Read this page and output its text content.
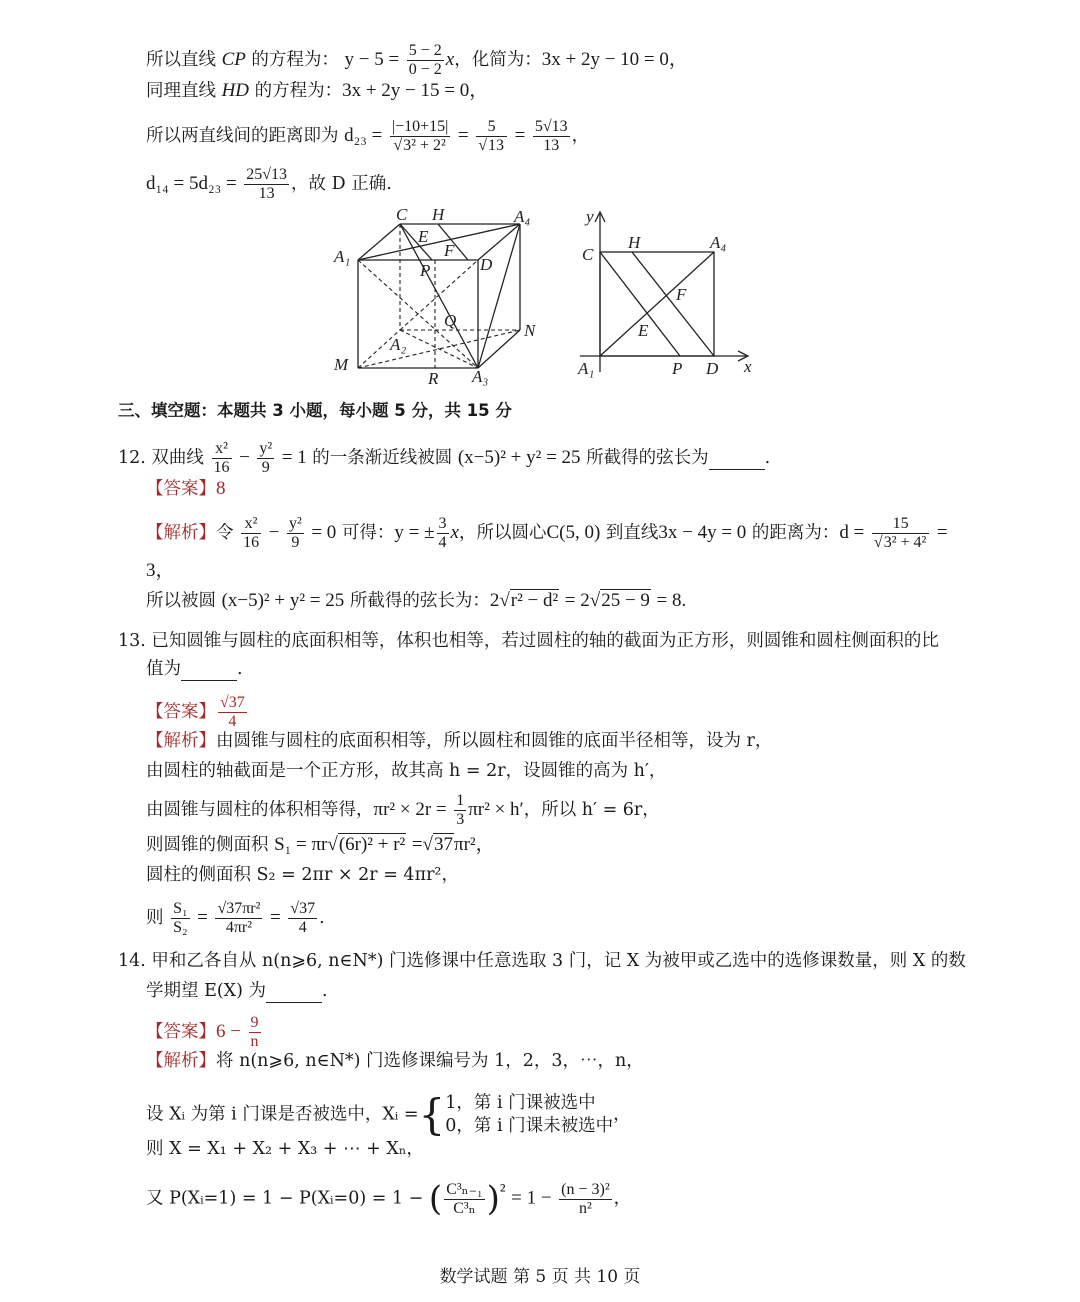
所以直线 CP 的方程为： $y - 5 = \frac{5 - 2}{0 - 2}$ x，化简为：3x + 2y − 10 = 0，
同理直线 HD 的方程为：3x + 2y − 15 = 0，
所以两直线间的距离即为 $d_{23} = \frac{|-10+15|}{\text{√3² + 2²}} = \frac{5}{√13} = \frac{5√13}{13}$ ，
$d_{14} = 5d_{23} = \frac{25√13}{13}$ ，故 D 正确.
C H	A₄
E
A₁	F
P	D
Q
N
A₂
M
R A₃
y
C
H	A₄
F
E
A₁	P D x
三、填空题：本题共 3 小题，每小题 5 分，共 15 分
12. 双曲线 $\frac{\text{x²}}{16} - \frac{\text{y²}}{9} = 1$ 的一条渐近线被圆 (x−5)² + y² = 25 所截得的弦长为	.
【答案】8
【解析】令 $\frac{\text{x²}}{16} - \frac{\text{y²}}{9} = 0$ 可得：y = ± $\frac{3}{4}$ x，所以圆心C(5, 0) 到直线3x − 4y = 0 的距离为：$d = \frac{15}{\text{√3² + 4²}}$ =
3，
所以被圆 (x−5)² + y² = 25 所截得的弦长为：2√r² − d² = 2√25 − 9 = 8.
13. 已知圆锥与圆柱的底面积相等，体积也相等，若过圆柱的轴的截面为正方形，则圆锥和圆柱侧面积的比
值为	.
【答案】 $\frac{√37}{4}$
【解析】由圆锥与圆柱的底面积相等，所以圆柱和圆锥的底面半径相等，设为 r，
由圆柱的轴截面是一个正方形，故其高 h = 2r，设圆锥的高为 h′，
由圆锥与圆柱的体积相等得，$\pi r^2 \times 2r = \frac{1}{3} \pi r^2 \times h'$，所以 h′ = 6r，
则圆锥的侧面积 S₁ = πr√(6r)² + r² =√37πr²，
圆柱的侧面积 S₂ = 2πr × 2r = 4πr²，
则 $\frac{\text{S₁}}{\text{S₂}} = \frac{\text{√37πr²}}{\text{4πr²}} = \frac{√37}{4}$ .
14. 甲和乙各自从 n(n⩾6, n∈N*) 门选修课中任意选取 3 门，记 X 为被甲或乙选中的选修课数量，则 X 的数
学期望 E(X) 为	.
【答案】$6 - \frac{9}{n}$
【解析】将 n(n⩾6, n∈N*) 门选修课编号为 1，2，3，⋯，n，
设 Xᵢ 为第 i 门课是否被选中，Xᵢ ={ 1，第 i 门课被选中
0，第 i 门课未被选中
，
则 X = X₁ + X₂ + X₃ + ⋯ + Xₙ，
又 P(Xᵢ=1) = 1 − P(Xᵢ=0) = 1 − ( $\frac{\text{C³ₙ₋₁}}{\text{C³ₙ}} )^{^2} = 1 - \frac{\text{(n − 3)²}}{\text{n²}}$ ，
数学试题 第 5 页 共 10 页
